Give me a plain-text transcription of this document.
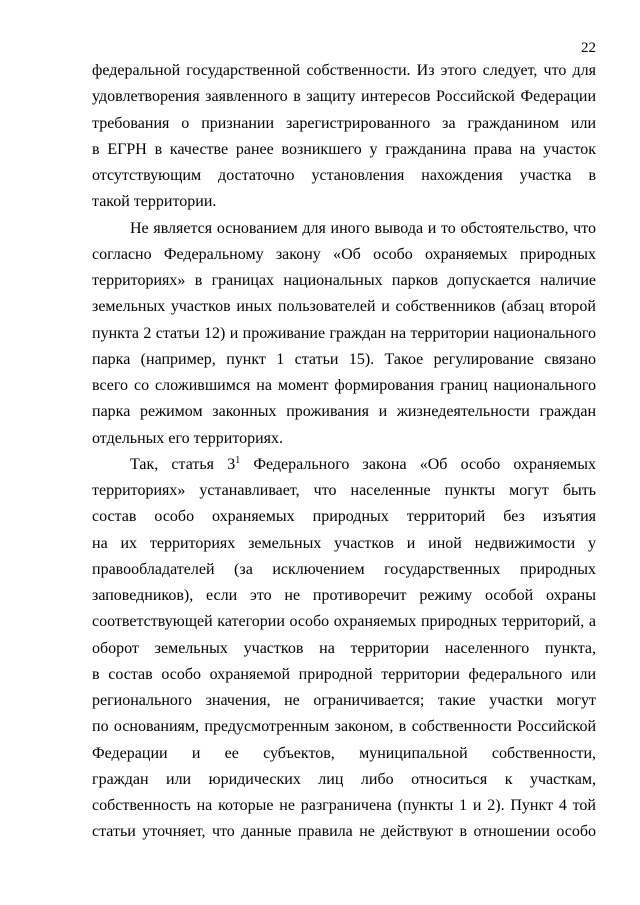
22
федеральной государственной собственности. Из этого следует, что для
удовлетворения заявленного в защиту интересов Российской Федерации
требования о признании зарегистрированного за гражданином или
в ЕГРН в качестве ранее возникшего у гражданина права на участок
отсутствующим достаточно установления нахождения участка в
такой территории.
Не является основанием для иного вывода и то обстоятельство, что
согласно Федеральному закону «Об особо охраняемых природных
территориях» в границах национальных парков допускается наличие
земельных участков иных пользователей и собственников (абзац второй
пункта 2 статьи 12) и проживание граждан на территории национального
парка (например, пункт 1 статьи 15). Такое регулирование связано
всего со сложившимся на момент формирования границ национального
парка режимом законных проживания и жизнедеятельности граждан
отдельных его территориях.
Так, статья $3^1$ Федерального закона «Об особо охраняемых
территориях» устанавливает, что населенные пункты могут быть
состав особо охраняемых природных территорий без изъятия
на их территориях земельных участков и иной недвижимости у
правообладателей (за исключением государственных природных
заповедников), если это не противоречит режиму особой охраны
соответствующей категории особо охраняемых природных территорий, а
оборот земельных участков на территории населенного пункта,
в состав особо охраняемой природной территории федерального или
регионального значения, не ограничивается; такие участки могут
по основаниям, предусмотренным законом, в собственности Российской
Федерации и ее субъектов, муниципальной собственности,
граждан или юридических лиц либо относиться к участкам,
собственность на которые не разграничена (пункты 1 и 2). Пункт 4 той
статьи уточняет, что данные правила не действуют в отношении особо
